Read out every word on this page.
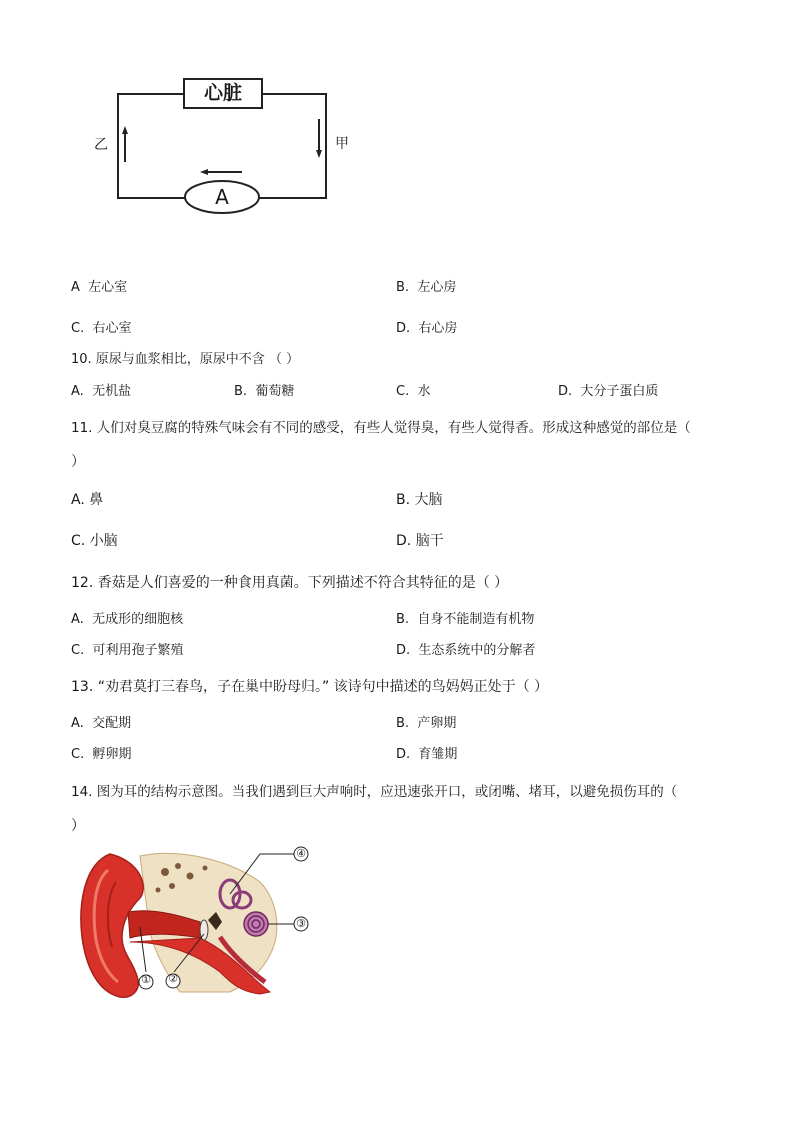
心脏
A
乙	甲
A 左心室	B. 左心房
C. 右心室	D. 右心房
10. 原尿与血浆相比，原尿中不含 （ ）
A. 无机盐	B. 葡萄糖	C. 水	D. 大分子蛋白质
11. 人们对臭豆腐的特殊气味会有不同的感受，有些人觉得臭，有些人觉得香。形成这种感觉的部位是（
）
A. 鼻	B. 大脑
C. 小脑	D. 脑干
12. 香菇是人们喜爱的一种食用真菌。下列描述不符合其特征的是（ ）
A. 无成形的细胞核	B. 自身不能制造有机物
C. 可利用孢子繁殖	D. 生态系统中的分解者
13. “劝君莫打三春鸟，子在巢中盼母归。” 该诗句中描述的鸟妈妈正处于（ ）
A. 交配期	B. 产卵期
C. 孵卵期	D. 育雏期
14. 图为耳的结构示意图。当我们遇到巨大声响时，应迅速张开口，或闭嘴、堵耳，以避免损伤耳的（
）
① ②
③
④
